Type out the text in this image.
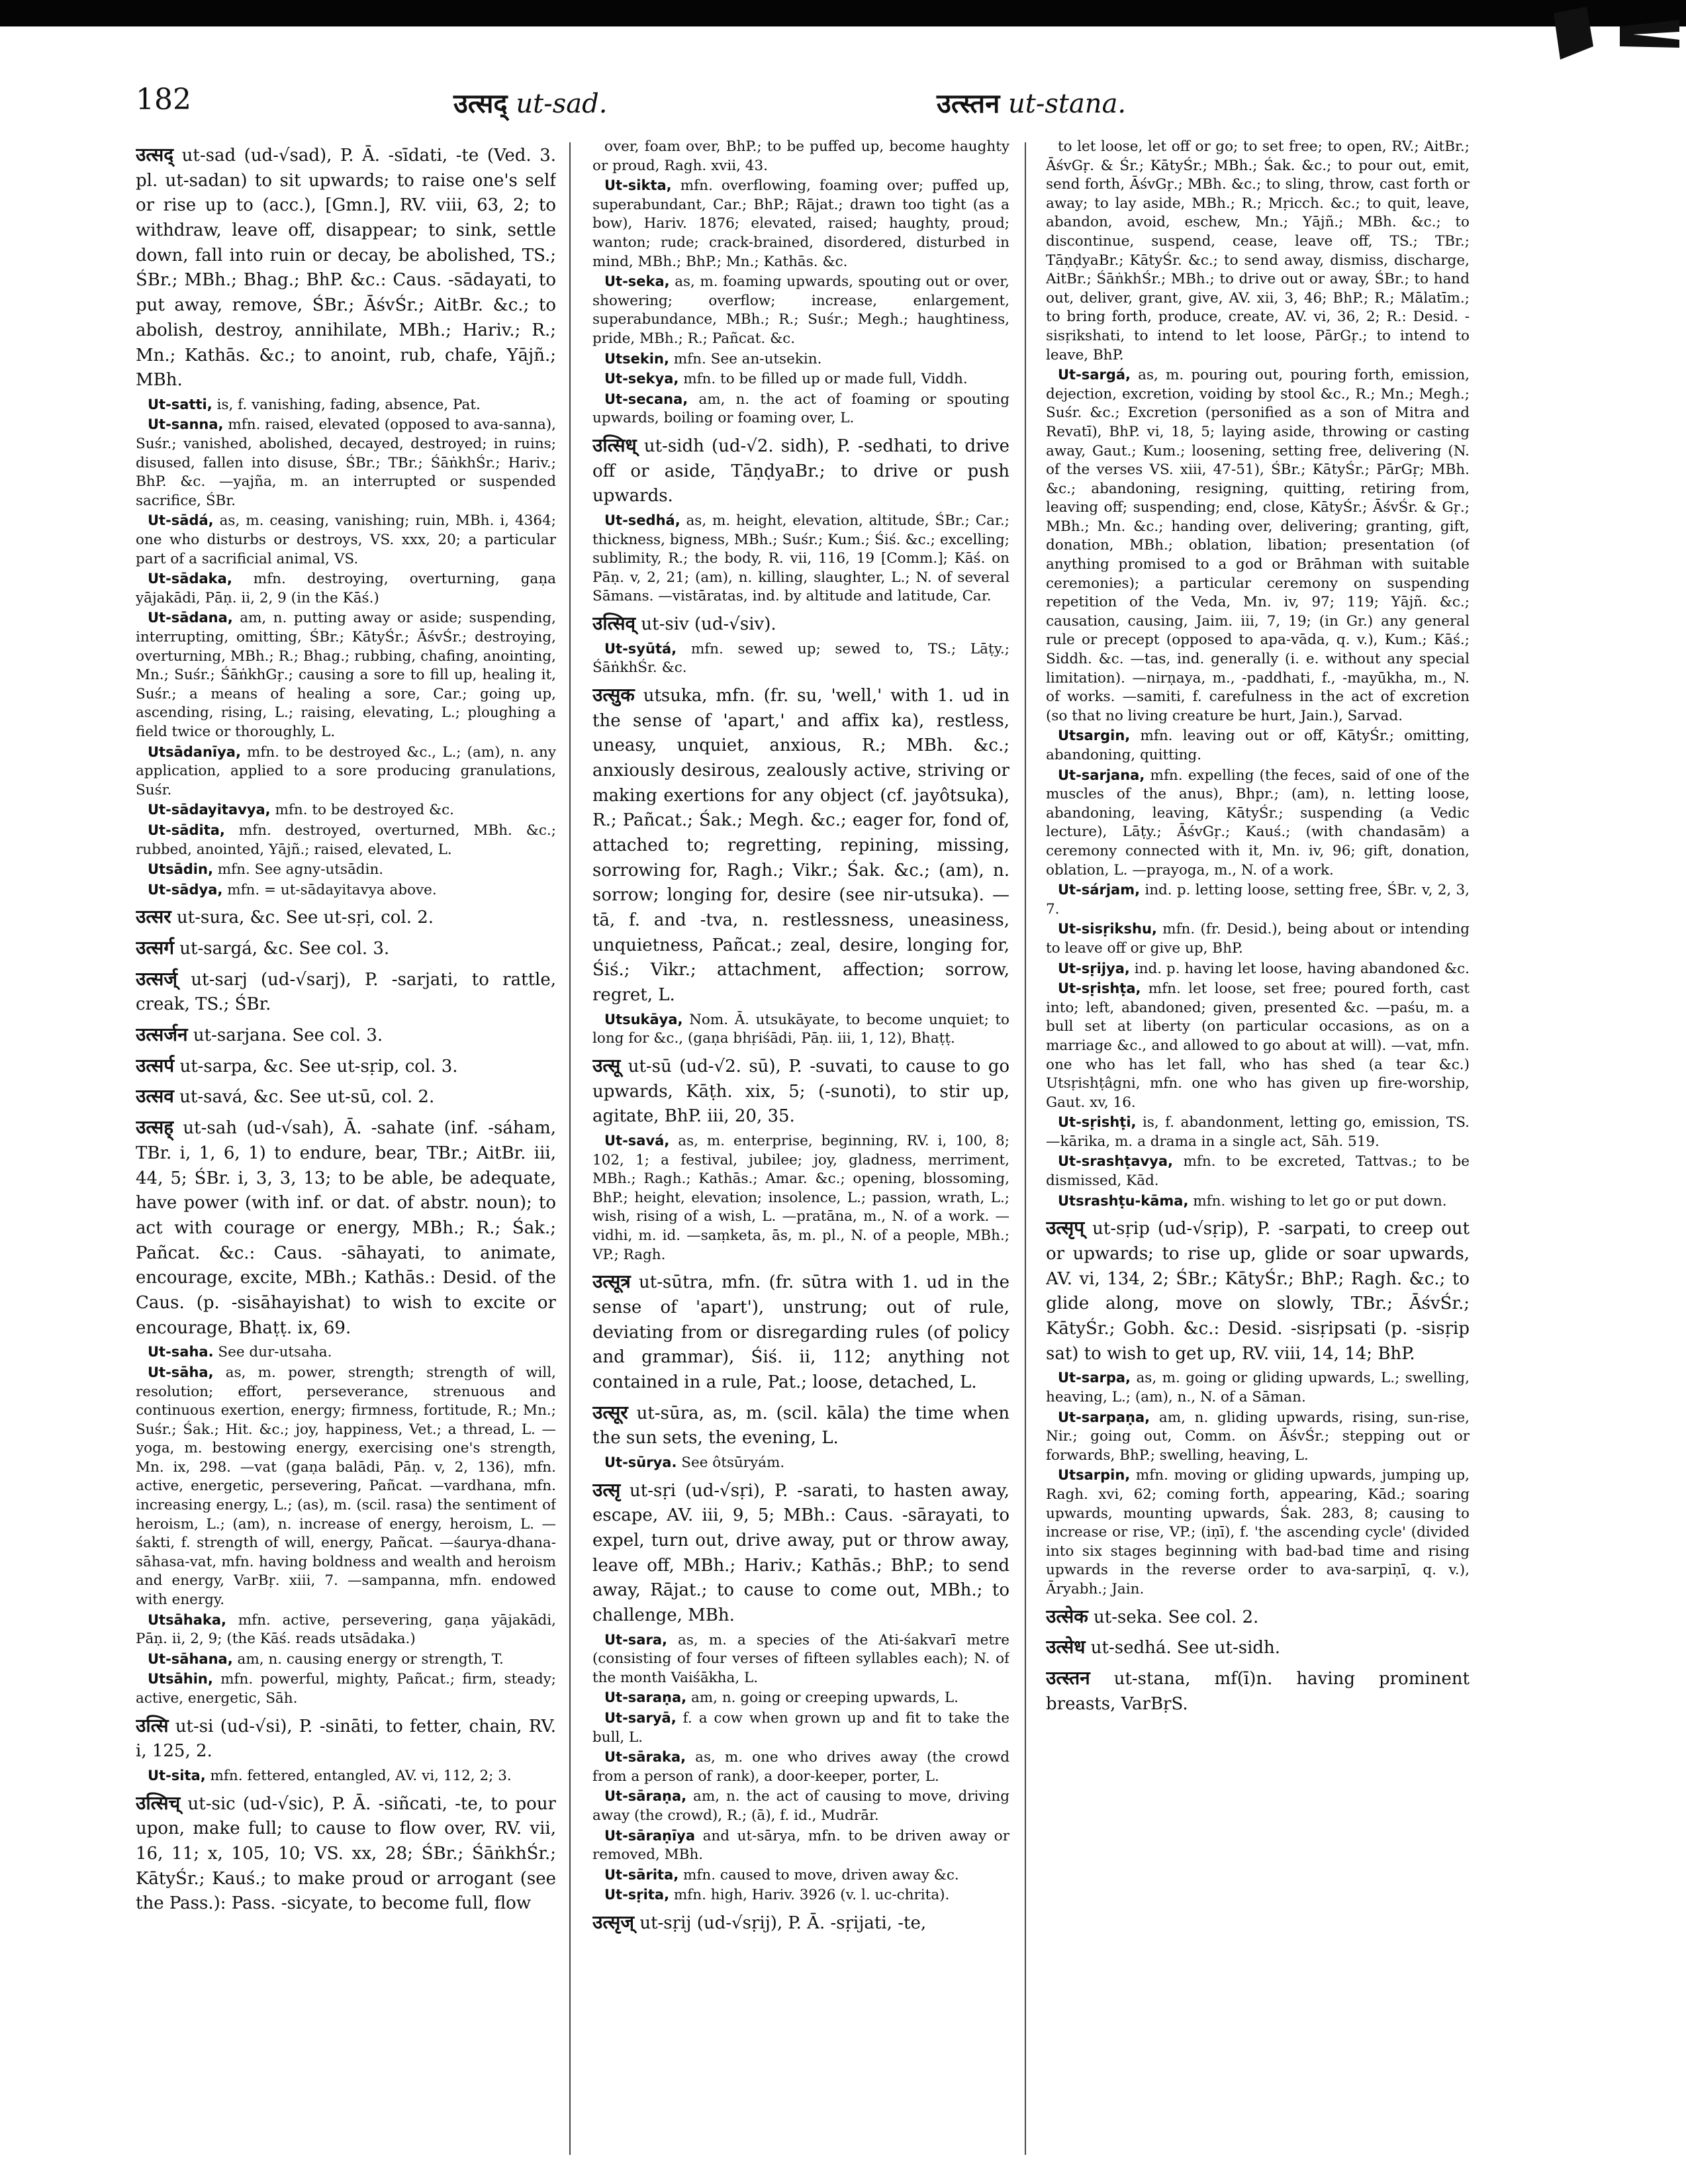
182	उत्सद् ut-sad.	उत्स्तन ut-stana.

उत्सद् ut-sad (ud-√sad), P. Ā. -sīdati, -te (Ved. 3. pl. ut-sadan) to sit upwards; to raise one's self or rise up to (acc.), [Gmn.], RV. viii, 63, 2; to withdraw, leave off, disappear; to sink, settle down, fall into ruin or decay, be abolished, TS.; ŚBr.; MBh.; Bhag.; BhP. &c.: Caus. -sādayati, to put away, remove, ŚBr.; ĀśvŚr.; AitBr. &c.; to abolish, destroy, annihilate, MBh.; Hariv.; R.; Mn.; Kathās. &c.; to anoint, rub, chafe, Yājñ.; MBh.

Ut-satti, is, f. vanishing, fading, absence, Pat.

Ut-sanna, mfn. raised, elevated (opposed to ava-sanna), Suśr.; vanished, abolished, decayed, destroyed; in ruins; disused, fallen into disuse, ŚBr.; TBr.; ŚāṅkhŚr.; Hariv.; BhP. &c. —yajña, m. an interrupted or suspended sacrifice, ŚBr.

Ut-sādá, as, m. ceasing, vanishing; ruin, MBh. i, 4364; one who disturbs or destroys, VS. xxx, 20; a particular part of a sacrificial animal, VS.

Ut-sādaka, mfn. destroying, overturning, gaṇa yājakādi, Pāṇ. ii, 2, 9 (in the Kāś.)

Ut-sādana, am, n. putting away or aside; suspending, interrupting, omitting, ŚBr.; KātyŚr.; ĀśvŚr.; destroying, overturning, MBh.; R.; Bhag.; rubbing, chafing, anointing, Mn.; Suśr.; ŚāṅkhGṛ.; causing a sore to fill up, healing it, Suśr.; a means of healing a sore, Car.; going up, ascending, rising, L.; raising, elevating, L.; ploughing a field twice or thoroughly, L.

Utsādanīya, mfn. to be destroyed &c., L.; (am), n. any application, applied to a sore producing granulations, Suśr.

Ut-sādayitavya, mfn. to be destroyed &c.

Ut-sādita, mfn. destroyed, overturned, MBh. &c.; rubbed, anointed, Yājñ.; raised, elevated, L.

Utsādin, mfn. See agny-utsādin.

Ut-sādya, mfn. = ut-sādayitavya above.

उत्सर ut-sura, &c. See ut-sṛi, col. 2.

उत्सर्ग ut-sargá, &c. See col. 3.

उत्सर्ज् ut-sarj (ud-√sarj), P. -sarjati, to rattle, creak, TS.; ŚBr.

उत्सर्जन ut-sarjana. See col. 3.

उत्सर्प ut-sarpa, &c. See ut-sṛip, col. 3.

उत्सव ut-savá, &c. See ut-sū, col. 2.

उत्सह् ut-sah (ud-√sah), Ā. -sahate (inf. -sáham, TBr. i, 1, 6, 1) to endure, bear, TBr.; AitBr. iii, 44, 5; ŚBr. i, 3, 3, 13; to be able, be adequate, have power (with inf. or dat. of abstr. noun); to act with courage or energy, MBh.; R.; Śak.; Pañcat. &c.: Caus. -sāhayati, to animate, encourage, excite, MBh.; Kathās.: Desid. of the Caus. (p. -sisāhayishat) to wish to excite or encourage, Bhaṭṭ. ix, 69.

Ut-saha. See dur-utsaha.

Ut-sāha, as, m. power, strength; strength of will, resolution; effort, perseverance, strenuous and continuous exertion, energy; firmness, fortitude, R.; Mn.; Suśr.; Śak.; Hit. &c.; joy, happiness, Vet.; a thread, L. —yoga, m. bestowing energy, exercising one's strength, Mn. ix, 298. —vat (gaṇa balādi, Pāṇ. v, 2, 136), mfn. active, energetic, persevering, Pañcat. —vardhana, mfn. increasing energy, L.; (as), m. (scil. rasa) the sentiment of heroism, L.; (am), n. increase of energy, heroism, L. —śakti, f. strength of will, energy, Pañcat. —śaurya-dhana-sāhasa-vat, mfn. having boldness and wealth and heroism and energy, VarBṛ. xiii, 7. —sampanna, mfn. endowed with energy.

Utsāhaka, mfn. active, persevering, gaṇa yājakādi, Pāṇ. ii, 2, 9; (the Kāś. reads utsādaka.)

Ut-sāhana, am, n. causing energy or strength, T.

Utsāhin, mfn. powerful, mighty, Pañcat.; firm, steady; active, energetic, Sāh.

उत्सि ut-si (ud-√si), P. -sināti, to fetter, chain, RV. i, 125, 2.

Ut-sita, mfn. fettered, entangled, AV. vi, 112, 2; 3.

उत्सिच् ut-sic (ud-√sic), P. Ā. -siñcati, -te, to pour upon, make full; to cause to flow over, RV. vii, 16, 11; x, 105, 10; VS. xx, 28; ŚBr.; ŚāṅkhŚr.; KātyŚr.; Kauś.; to make proud or arrogant (see the Pass.): Pass. -sicyate, to become full, flow

over, foam over, BhP.; to be puffed up, become haughty or proud, Ragh. xvii, 43.

Ut-sikta, mfn. overflowing, foaming over; puffed up, superabundant, Car.; BhP.; Rājat.; drawn too tight (as a bow), Hariv. 1876; elevated, raised; haughty, proud; wanton; rude; crack-brained, disordered, disturbed in mind, MBh.; BhP.; Mn.; Kathās. &c.

Ut-seka, as, m. foaming upwards, spouting out or over, showering; overflow; increase, enlargement, superabundance, MBh.; R.; Suśr.; Megh.; haughtiness, pride, MBh.; R.; Pañcat. &c.

Utsekin, mfn. See an-utsekin.

Ut-sekya, mfn. to be filled up or made full, Viddh.

Ut-secana, am, n. the act of foaming or spouting upwards, boiling or foaming over, L.

उत्सिध् ut-sidh (ud-√2. sidh), P. -sedhati, to drive off or aside, TāṇḍyaBr.; to drive or push upwards.

Ut-sedhá, as, m. height, elevation, altitude, ŚBr.; Car.; thickness, bigness, MBh.; Suśr.; Kum.; Śiś. &c.; excelling; sublimity, R.; the body, R. vii, 116, 19 [Comm.]; Kāś. on Pāṇ. v, 2, 21; (am), n. killing, slaughter, L.; N. of several Sāmans. —vistāratas, ind. by altitude and latitude, Car.

उत्सिव् ut-siv (ud-√siv).

Ut-syūtá, mfn. sewed up; sewed to, TS.; Lāṭy.; ŚāṅkhŚr. &c.

उत्सुक utsuka, mfn. (fr. su, 'well,' with 1. ud in the sense of 'apart,' and affix ka), restless, uneasy, unquiet, anxious, R.; MBh. &c.; anxiously desirous, zealously active, striving or making exertions for any object (cf. jayôtsuka), R.; Pañcat.; Śak.; Megh. &c.; eager for, fond of, attached to; regretting, repining, missing, sorrowing for, Ragh.; Vikr.; Śak. &c.; (am), n. sorrow; longing for, desire (see nir-utsuka). —tā, f. and -tva, n. restlessness, uneasiness, unquietness, Pañcat.; zeal, desire, longing for, Śiś.; Vikr.; attachment, affection; sorrow, regret, L.

Utsukāya, Nom. Ā. utsukāyate, to become unquiet; to long for &c., (gaṇa bhṛiśādi, Pāṇ. iii, 1, 12), Bhaṭṭ.

उत्सू ut-sū (ud-√2. sū), P. -suvati, to cause to go upwards, Kāṭh. xix, 5; (-sunoti), to stir up, agitate, BhP. iii, 20, 35.

Ut-savá, as, m. enterprise, beginning, RV. i, 100, 8; 102, 1; a festival, jubilee; joy, gladness, merriment, MBh.; Ragh.; Kathās.; Amar. &c.; opening, blossoming, BhP.; height, elevation; insolence, L.; passion, wrath, L.; wish, rising of a wish, L. —pratāna, m., N. of a work. —vidhi, m. id. —saṃketa, ās, m. pl., N. of a people, MBh.; VP.; Ragh.

उत्सूत्र ut-sūtra, mfn. (fr. sūtra with 1. ud in the sense of 'apart'), unstrung; out of rule, deviating from or disregarding rules (of policy and grammar), Śiś. ii, 112; anything not contained in a rule, Pat.; loose, detached, L.

उत्सूर ut-sūra, as, m. (scil. kāla) the time when the sun sets, the evening, L.

Ut-sūrya. See ôtsūryám.

उत्सृ ut-sṛi (ud-√sṛi), P. -sarati, to hasten away, escape, AV. iii, 9, 5; MBh.: Caus. -sārayati, to expel, turn out, drive away, put or throw away, leave off, MBh.; Hariv.; Kathās.; BhP.; to send away, Rājat.; to cause to come out, MBh.; to challenge, MBh.

Ut-sara, as, m. a species of the Ati-śakvarī metre (consisting of four verses of fifteen syllables each); N. of the month Vaiśākha, L.

Ut-saraṇa, am, n. going or creeping upwards, L.

Ut-saryā, f. a cow when grown up and fit to take the bull, L.

Ut-sāraka, as, m. one who drives away (the crowd from a person of rank), a door-keeper, porter, L.

Ut-sāraṇa, am, n. the act of causing to move, driving away (the crowd), R.; (ā), f. id., Mudrār.

Ut-sāraṇīya and ut-sārya, mfn. to be driven away or removed, MBh.

Ut-sārita, mfn. caused to move, driven away &c.

Ut-sṛita, mfn. high, Hariv. 3926 (v. l. uc-chrita).

उत्सृज् ut-sṛij (ud-√sṛij), P. Ā. -sṛijati, -te,

to let loose, let off or go; to set free; to open, RV.; AitBr.; ĀśvGṛ. & Śr.; KātyŚr.; MBh.; Śak. &c.; to pour out, emit, send forth, ĀśvGṛ.; MBh. &c.; to sling, throw, cast forth or away; to lay aside, MBh.; R.; Mṛicch. &c.; to quit, leave, abandon, avoid, eschew, Mn.; Yājñ.; MBh. &c.; to discontinue, suspend, cease, leave off, TS.; TBr.; TāṇḍyaBr.; KātyŚr. &c.; to send away, dismiss, discharge, AitBr.; ŚāṅkhŚr.; MBh.; to drive out or away, ŚBr.; to hand out, deliver, grant, give, AV. xii, 3, 46; BhP.; R.; Mālatīm.; to bring forth, produce, create, AV. vi, 36, 2; R.: Desid. -sisṛikshati, to intend to let loose, PārGṛ.; to intend to leave, BhP.

Ut-sargá, as, m. pouring out, pouring forth, emission, dejection, excretion, voiding by stool &c., R.; Mn.; Megh.; Suśr. &c.; Excretion (personified as a son of Mitra and Revatī), BhP. vi, 18, 5; laying aside, throwing or casting away, Gaut.; Kum.; loosening, setting free, delivering (N. of the verses VS. xiii, 47-51), ŚBr.; KātyŚr.; PārGṛ; MBh. &c.; abandoning, resigning, quitting, retiring from, leaving off; suspending; end, close, KātyŚr.; ĀśvŚr. & Gṛ.; MBh.; Mn. &c.; handing over, delivering; granting, gift, donation, MBh.; oblation, libation; presentation (of anything promised to a god or Brāhman with suitable ceremonies); a particular ceremony on suspending repetition of the Veda, Mn. iv, 97; 119; Yājñ. &c.; causation, causing, Jaim. iii, 7, 19; (in Gr.) any general rule or precept (opposed to apa-vāda, q. v.), Kum.; Kāś.; Siddh. &c. —tas, ind. generally (i. e. without any special limitation). —nirṇaya, m., -paddhati, f., -mayūkha, m., N. of works. —samiti, f. carefulness in the act of excretion (so that no living creature be hurt, Jain.), Sarvad.

Utsargin, mfn. leaving out or off, KātyŚr.; omitting, abandoning, quitting.

Ut-sarjana, mfn. expelling (the feces, said of one of the muscles of the anus), Bhpr.; (am), n. letting loose, abandoning, leaving, KātyŚr.; suspending (a Vedic lecture), Lāṭy.; ĀśvGṛ.; Kauś.; (with chandasām) a ceremony connected with it, Mn. iv, 96; gift, donation, oblation, L. —prayoga, m., N. of a work.

Ut-sárjam, ind. p. letting loose, setting free, ŚBr. v, 2, 3, 7.

Ut-sisṛikshu, mfn. (fr. Desid.), being about or intending to leave off or give up, BhP.

Ut-sṛijya, ind. p. having let loose, having abandoned &c.

Ut-sṛishṭa, mfn. let loose, set free; poured forth, cast into; left, abandoned; given, presented &c. —paśu, m. a bull set at liberty (on particular occasions, as on a marriage &c., and allowed to go about at will). —vat, mfn. one who has let fall, who has shed (a tear &c.) Utsṛishṭâgni, mfn. one who has given up fire-worship, Gaut. xv, 16.

Ut-sṛishṭi, is, f. abandonment, letting go, emission, TS. —kārika, m. a drama in a single act, Sāh. 519.

Ut-srashṭavya, mfn. to be excreted, Tattvas.; to be dismissed, Kād.

Utsrashṭu-kāma, mfn. wishing to let go or put down.

उत्सृप् ut-sṛip (ud-√sṛip), P. -sarpati, to creep out or upwards; to rise up, glide or soar upwards, AV. vi, 134, 2; ŚBr.; KātyŚr.; BhP.; Ragh. &c.; to glide along, move on slowly, TBr.; ĀśvŚr.; KātyŚr.; Gobh. &c.: Desid. -sisṛipsati (p. -sisṛip sat) to wish to get up, RV. viii, 14, 14; BhP.

Ut-sarpa, as, m. going or gliding upwards, L.; swelling, heaving, L.; (am), n., N. of a Sāman.

Ut-sarpaṇa, am, n. gliding upwards, rising, sun-rise, Nir.; going out, Comm. on ĀśvŚr.; stepping out or forwards, BhP.; swelling, heaving, L.

Utsarpin, mfn. moving or gliding upwards, jumping up, Ragh. xvi, 62; coming forth, appearing, Kād.; soaring upwards, mounting upwards, Śak. 283, 8; causing to increase or rise, VP.; (iṇī), f. 'the ascending cycle' (divided into six stages beginning with bad-bad time and rising upwards in the reverse order to ava-sarpiṇī, q. v.), Āryabh.; Jain.

उत्सेक ut-seka. See col. 2.

उत्सेध ut-sedhá. See ut-sidh.

उत्स्तन ut-stana, mf(ī)n. having prominent breasts, VarBṛS.
